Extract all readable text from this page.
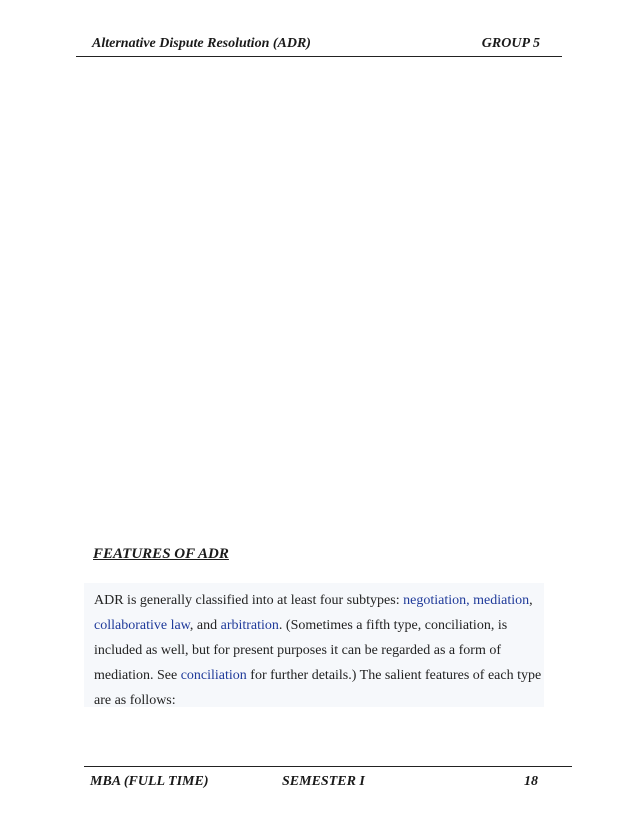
Alternative Dispute Resolution (ADR)	GROUP 5
FEATURES OF ADR

ADR is generally classified into at least four subtypes: negotiation, mediation, collaborative law, and arbitration. (Sometimes a fifth type, conciliation, is included as well, but for present purposes it can be regarded as a form of mediation. See conciliation for further details.) The salient features of each type are as follows:

MBA (FULL TIME)	SEMESTER I	18
